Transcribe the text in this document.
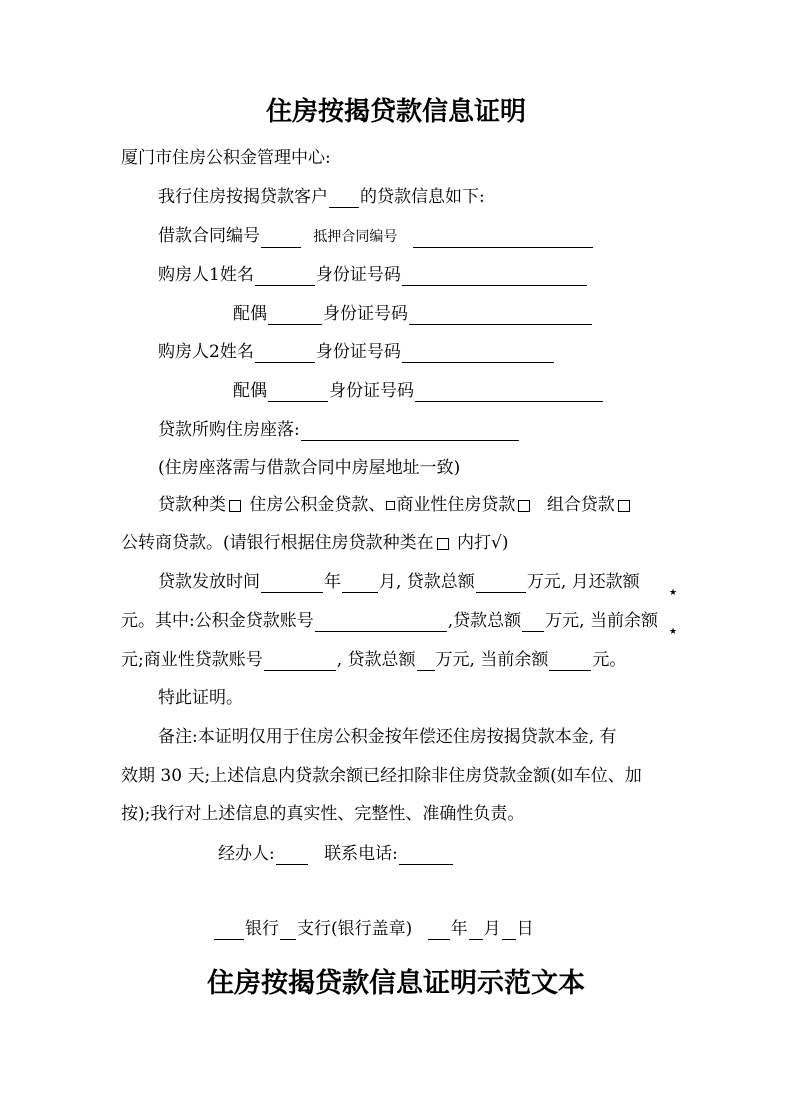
住房按揭贷款信息证明
厦门市住房公积金管理中心:
我行住房按揭贷款客户 的贷款信息如下:
借款合同编号	抵押合同编号
购房人1姓名	身份证号码
配偶	身份证号码
购房人2姓名	身份证号码
配偶	身份证号码
贷款所购住房座落:
(住房座落需与借款合同中房屋地址一致)
贷款种类 住房公积金贷款、 商业性住房贷款 组合贷款
公转商贷款。(请银行根据住房贷款种类在 内打√)
贷款发放时间	年 月, 贷款总额	万元, 月还款额
★
元。其中:公积金贷款账号	,贷款总额 万元, 当前余额
★
元;商业性贷款账号	, 贷款总额 万元, 当前余额	元。
特此证明。
备注:本证明仅用于住房公积金按年偿还住房按揭贷款本金, 有
效期 30 天;上述信息内贷款余额已经扣除非住房贷款金额(如车位、加
按);我行对上述信息的真实性、完整性、准确性负责。
经办人:	联系电话:
银行 支行(银行盖章) 年 月 日
住房按揭贷款信息证明示范文本
